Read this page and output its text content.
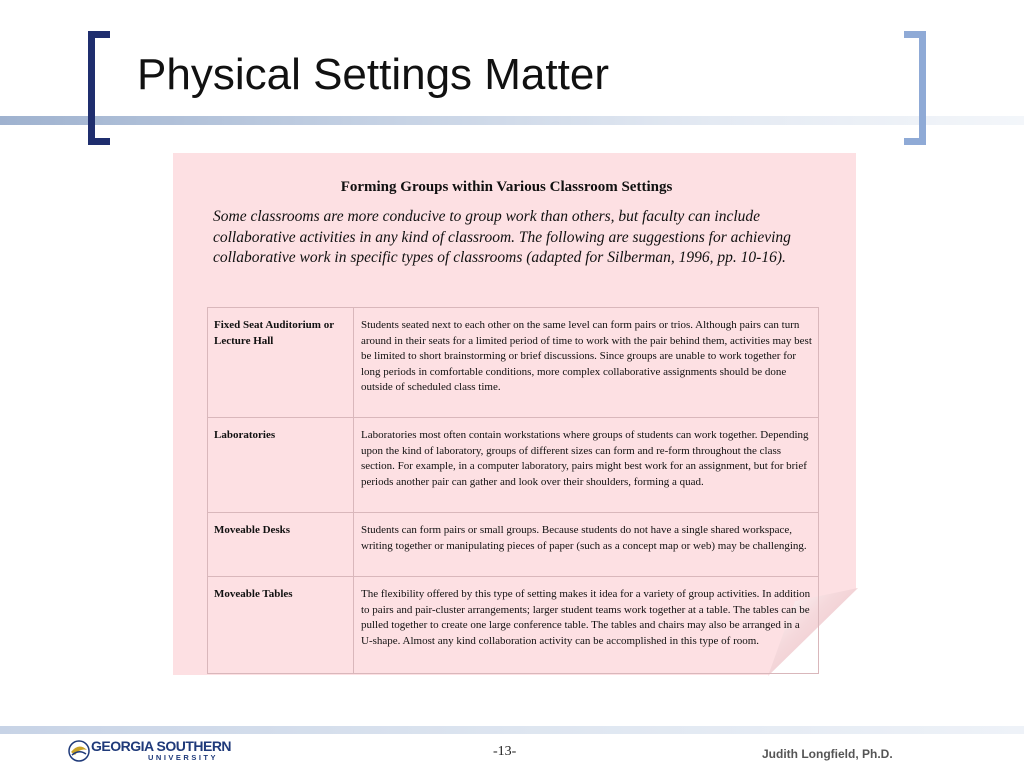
Physical Settings Matter
Forming Groups within Various Classroom Settings

Some classrooms are more conducive to group work than others, but faculty can include collaborative activities in any kind of classroom. The following are suggestions for achieving collaborative work in specific types of classrooms (adapted for Silberman, 1996, pp. 10-16).

Fixed Seat Auditorium or Lecture Hall	Students seated next to each other on the same level can form pairs or trios. Although pairs can turn around in their seats for a limited period of time to work with the pair behind them, activities may best be limited to short brainstorming or brief discussions. Since groups are unable to work together for long periods in comfortable conditions, more complex collaborative assignments should be done outside of scheduled class time.
Laboratories	Laboratories most often contain workstations where groups of students can work together. Depending upon the kind of laboratory, groups of different sizes can form and re-form throughout the class section. For example, in a computer laboratory, pairs might best work for an assignment, but for brief periods another pair can gather and look over their shoulders, forming a quad.
Moveable Desks	Students can form pairs or small groups. Because students do not have a single shared workspace, writing together or manipulating pieces of paper (such as a concept map or web) may be challenging.
Moveable Tables	The flexibility offered by this type of setting makes it idea for a variety of group activities. In addition to pairs and pair-cluster arrangements; larger student teams work together at a table. The tables can be pulled together to create one large conference table. The tables and chairs may also be arranged in a U-shape. Almost any kind collaboration activity can be accomplished in this type of room.
GEORGIA SOUTHERN
UNIVERSITY	-13-	Judith Longfield, Ph.D.
